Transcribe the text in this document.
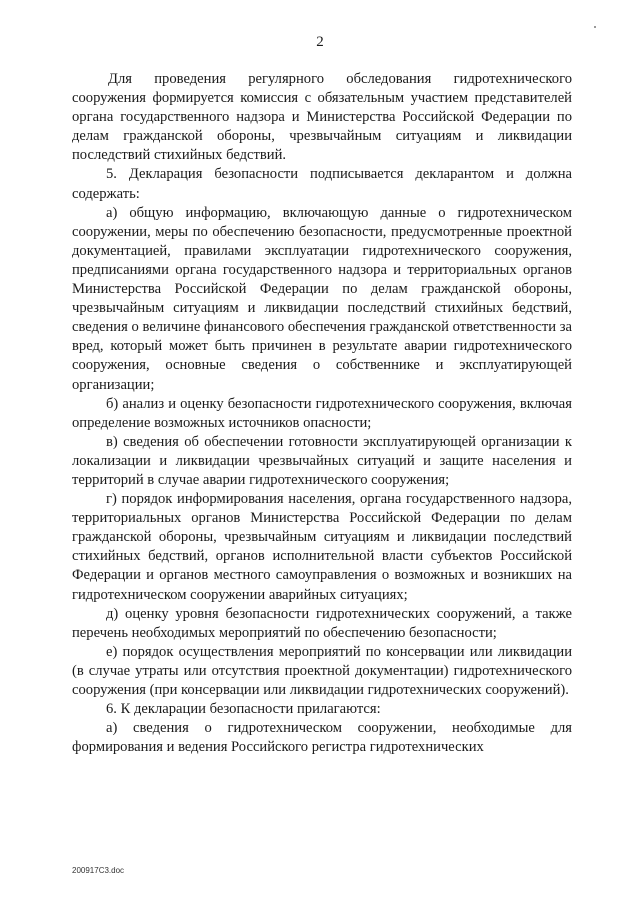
2

Для проведения регулярного обследования гидротехнического сооружения формируется комиссия с обязательным участием представителей органа государственного надзора и Министерства Российской Федерации по делам гражданской обороны, чрезвычайным ситуациям и ликвидации последствий стихийных бедствий.

5. Декларация безопасности подписывается декларантом и должна содержать:

а) общую информацию, включающую данные о гидротехническом сооружении, меры по обеспечению безопасности, предусмотренные проектной документацией, правилами эксплуатации гидротехнического сооружения, предписаниями органа государственного надзора и территориальных органов Министерства Российской Федерации по делам гражданской обороны, чрезвычайным ситуациям и ликвидации последствий стихийных бедствий, сведения о величине финансового обеспечения гражданской ответственности за вред, который может быть причинен в результате аварии гидротехнического сооружения, основные сведения о собственнике и эксплуатирующей организации;

б) анализ и оценку безопасности гидротехнического сооружения, включая определение возможных источников опасности;

в) сведения об обеспечении готовности эксплуатирующей организации к локализации и ликвидации чрезвычайных ситуаций и защите населения и территорий в случае аварии гидротехнического сооружения;

г) порядок информирования населения, органа государственного надзора, территориальных органов Министерства Российской Федерации по делам гражданской обороны, чрезвычайным ситуациям и ликвидации последствий стихийных бедствий, органов исполнительной власти субъектов Российской Федерации и органов местного самоуправления о возможных и возникших на гидротехническом сооружении аварийных ситуациях;

д) оценку уровня безопасности гидротехнических сооружений, а также перечень необходимых мероприятий по обеспечению безопасности;

е) порядок осуществления мероприятий по консервации или ликвидации (в случае утраты или отсутствия проектной документации) гидротехнического сооружения (при консервации или ликвидации гидротехнических сооружений).

6. К декларации безопасности прилагаются:

а) сведения о гидротехническом сооружении, необходимые для формирования и ведения Российского регистра гидротехнических

200917C3.doc
